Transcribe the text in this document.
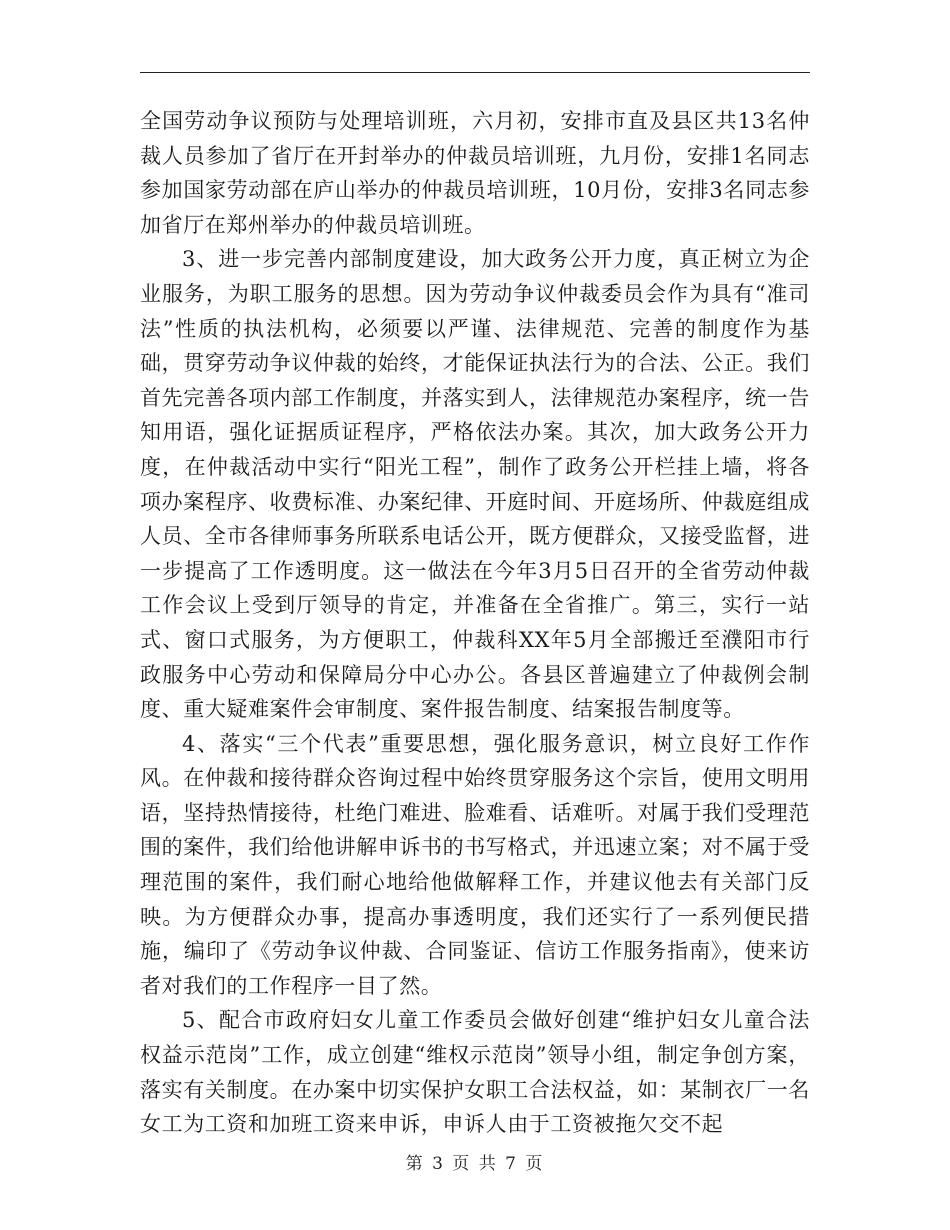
全国劳动争议预防与处理培训班，六月初，安排市直及县区共13名仲裁人员参加了省厅在开封举办的仲裁员培训班，九月份，安排1名同志参加国家劳动部在庐山举办的仲裁员培训班，10月份，安排3名同志参加省厅在郑州举办的仲裁员培训班。

3、进一步完善内部制度建设，加大政务公开力度，真正树立为企业服务，为职工服务的思想。因为劳动争议仲裁委员会作为具有“准司法”性质的执法机构，必须要以严谨、法律规范、完善的制度作为基础，贯穿劳动争议仲裁的始终，才能保证执法行为的合法、公正。我们首先完善各项内部工作制度，并落实到人，法律规范办案程序，统一告知用语，强化证据质证程序，严格依法办案。其次，加大政务公开力度，在仲裁活动中实行“阳光工程”，制作了政务公开栏挂上墙，将各项办案程序、收费标准、办案纪律、开庭时间、开庭场所、仲裁庭组成人员、全市各律师事务所联系电话公开，既方便群众，又接受监督，进一步提高了工作透明度。这一做法在今年3月5日召开的全省劳动仲裁工作会议上受到厅领导的肯定，并准备在全省推广。第三，实行一站式、窗口式服务，为方便职工，仲裁科XX年5月全部搬迁至濮阳市行政服务中心劳动和保障局分中心办公。各县区普遍建立了仲裁例会制度、重大疑难案件会审制度、案件报告制度、结案报告制度等。

4、落实“三个代表”重要思想，强化服务意识，树立良好工作作风。在仲裁和接待群众咨询过程中始终贯穿服务这个宗旨，使用文明用语，坚持热情接待，杜绝门难进、脸难看、话难听。对属于我们受理范围的案件，我们给他讲解申诉书的书写格式，并迅速立案；对不属于受理范围的案件，我们耐心地给他做解释工作，并建议他去有关部门反映。为方便群众办事，提高办事透明度，我们还实行了一系列便民措施，编印了《劳动争议仲裁、合同鉴证、信访工作服务指南》，使来访者对我们的工作程序一目了然。

5、配合市政府妇女儿童工作委员会做好创建“维护妇女儿童合法权益示范岗”工作，成立创建“维权示范岗”领导小组，制定争创方案，落实有关制度。在办案中切实保护女职工合法权益，如：某制衣厂一名女工为工资和加班工资来申诉，申诉人由于工资被拖欠交不起

第 3 页 共 7 页
